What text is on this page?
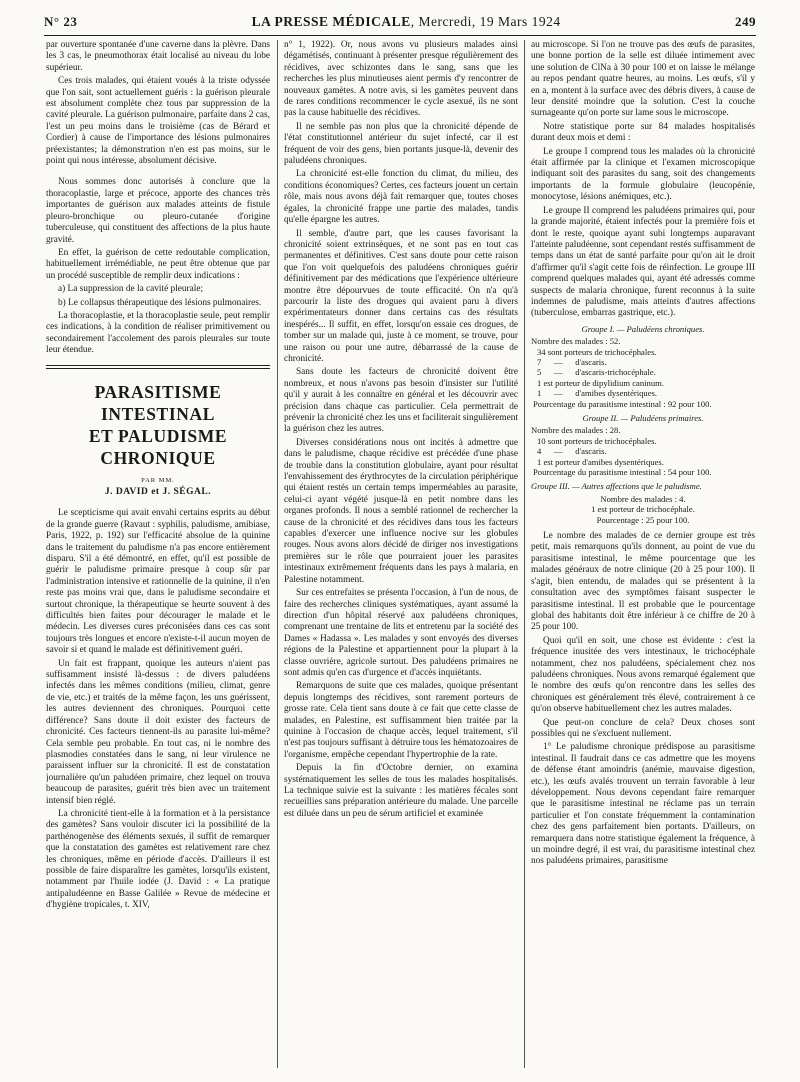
N° 23	LA PRESSE MÉDICALE, Mercredi, 19 Mars 1924	249

par ouverture spontanée d'une caverne dans la plèvre. Dans les 3 cas, le pneumothorax était localisé au niveau du lobe supérieur.

Ces trois malades, qui étaient voués à la triste odyssée que l'on sait, sont actuellement guéris : la guérison pleurale est absolument complète chez tous par suppression de la cavité pleurale. La guérison pulmonaire, parfaite dans 2 cas, l'est un peu moins dans le troisième (cas de Bérard et Cordier) à cause de l'importance des lésions pulmonaires préexistantes; la démonstration n'en est pas moins, sur le point qui nous intéresse, absolument décisive.

Nous sommes donc autorisés à conclure que la thoracoplastie, large et précoce, apporte des chances très importantes de guérison aux malades atteints de fistule pleuro-bronchique ou pleuro-cutanée d'origine tuberculeuse, qui constituent des affections de la plus haute gravité.

En effet, la guérison de cette redoutable complication, habituellement irrémédiable, ne peut être obtenue que par un procédé susceptible de remplir deux indications :

a) La suppression de la cavité pleurale;

b) Le collapsus thérapeutique des lésions pulmonaires.

La thoracoplastie, et la thoracoplastie seule, peut remplir ces indications, à la condition de réaliser primitivement ou secondairement l'accolement des parois pleurales sur toute leur étendue.

PARASITISME INTESTINAL
ET PALUDISME CHRONIQUE
PAR MM.
J. DAVID et J. SÉGAL.

Le scepticisme qui avait envahi certains esprits au début de la grande guerre (Ravaut : syphilis, paludisme, amibiase, Paris, 1922, p. 192) sur l'efficacité absolue de la quinine dans le traitement du paludisme n'a pas encore entièrement disparu. S'il a été démontré, en effet, qu'il est possible de guérir le paludisme primaire presque à coup sûr par l'administration intensive et rationnelle de la quinine, il n'en reste pas moins vrai que, dans le paludisme secondaire et surtout chronique, la thérapeutique se heurte souvent à des difficultés bien faites pour décourager le malade et le médecin. Les diverses cures préconisées dans ces cas sont toujours très longues et encore n'existe-t-il aucun moyen de savoir si et quand le malade est définitivement guéri.

Un fait est frappant, quoique les auteurs n'aient pas suffisamment insisté là-dessus : de divers paludéens infectés dans les mêmes conditions (milieu, climat, genre de vie, etc.) et traités de la même façon, les uns guérissent, les autres deviennent des chroniques. Pourquoi cette différence? Sans doute il doit exister des facteurs de chronicité. Ces facteurs tiennent-ils au parasite lui-même? Cela semble peu probable. En tout cas, ni le nombre des plasmodies constatées dans le sang, ni leur virulence ne paraissent influer sur la chronicité. Il est de constatation journalière qu'un paludéen primaire, chez lequel on trouva beaucoup de parasites, guérit très bien avec un traitement intensif bien réglé.

La chronicité tient-elle à la formation et à la persistance des gamètes? Sans vouloir discuter ici la possibilité de la parthénogenèse des éléments sexués, il suffit de remarquer que la constatation des gamètes est relativement rare chez les chroniques, même en période d'accès. D'ailleurs il est possible de faire disparaître les gamètes, lorsqu'ils existent, notamment par l'huile iodée (J. David : « La pratique antipaludéenne en Basse Galilée » Revue de médecine et d'hygiène tropicales, t. XIV,

n° 1, 1922). Or, nous avons vu plusieurs malades ainsi dégamétisés, continuant à présenter presque régulièrement des récidives, avec schizontes dans le sang, sans que les recherches les plus minutieuses aient permis d'y rencontrer de nouveaux gamètes. A notre avis, si les gamètes peuvent dans de rares conditions recommencer le cycle asexué, ils ne sont pas la cause habituelle des récidives.

Il ne semble pas non plus que la chronicité dépende de l'état constitutionnel antérieur du sujet infecté, car il est fréquent de voir des gens, bien portants jusque-là, devenir des paludéens chroniques.

La chronicité est-elle fonction du climat, du milieu, des conditions économiques? Certes, ces facteurs jouent un certain rôle, mais nous avons déjà fait remarquer que, toutes choses égales, la chronicité frappe une partie des malades, tandis qu'elle épargne les autres.

Il semble, d'autre part, que les causes favorisant la chronicité soient extrinsèques, et ne sont pas en tout cas permanentes et définitives. C'est sans doute pour cette raison que l'on voit quelquefois des paludéens chroniques guérir définitivement par des médications que l'expérience ultérieure montre être dépourvues de toute efficacité. On n'a qu'à parcourir la liste des drogues qui avaient paru à divers expérimentateurs donner dans certains cas des résultats inespérés... Il suffit, en effet, lorsqu'on essaie ces drogues, de tomber sur un malade qui, juste à ce moment, se trouve, pour une raison ou pour une autre, débarrassé de la cause de chronicité.

Sans doute les facteurs de chronicité doivent être nombreux, et nous n'avons pas besoin d'insister sur l'utilité qu'il y aurait à les connaître en général et les découvrir avec précision dans chaque cas particulier. Cela permettrait de prévenir la chronicité chez les uns et faciliterait singulièrement la guérison chez les autres.

Diverses considérations nous ont incités à admettre que dans le paludisme, chaque récidive est précédée d'une phase de trouble dans la constitution globulaire, ayant pour résultat l'envahissement des érythrocytes de la circulation périphérique qui étaient restés un certain temps imperméables au parasite, celui-ci ayant végété jusque-là en petit nombre dans les organes profonds. Il nous a semblé rationnel de rechercher la cause de la chronicité et des récidives dans tous les facteurs capables d'exercer une influence nocive sur les globules rouges. Nous avons alors décidé de diriger nos investigations premières sur le rôle que pourraient jouer les parasites intestinaux extrêmement fréquents dans les pays à malaria, en Palestine notamment.

Sur ces entrefaites se présenta l'occasion, à l'un de nous, de faire des recherches cliniques systématiques, ayant assumé la direction d'un hôpital réservé aux paludéens chroniques, comprenant une trentaine de lits et entretenu par la société des Dames « Hadassa ». Les malades y sont envoyés des diverses régions de la Palestine et appartiennent pour la plupart à la classe ouvrière, agricole surtout. Des paludéens primaires ne sont admis qu'en cas d'urgence et d'accès inquiétants.

Remarquons de suite que ces malades, quoique présentant depuis longtemps des récidives, sont rarement porteurs de grosse rate. Cela tient sans doute à ce fait que cette classe de malades, en Palestine, est suffisamment bien traitée par la quinine à l'occasion de chaque accès, lequel traitement, s'il n'est pas toujours suffisant à détruire tous les hématozoaires de l'organisme, empêche cependant l'hypertrophie de la rate.

Depuis la fin d'Octobre dernier, on examina systématiquement les selles de tous les malades hospitalisés. La technique suivie est la suivante : les matières fécales sont recueillies sans préparation antérieure du malade. Une parcelle est diluée dans un peu de sérum artificiel et examinée

au microscope. Si l'on ne trouve pas des œufs de parasites, une bonne portion de la selle est diluée intimement avec une solution de ClNa à 30 pour 100 et on laisse le mélange au repos pendant quatre heures, au moins. Les œufs, s'il y en a, montent à la surface avec des débris divers, à cause de leur densité moindre que la solution. C'est la couche surnageante qu'on porte sur lame sous le microscope.

Notre statistique porte sur 84 malades hospitalisés durant deux mois et demi :

Le groupe I comprend tous les malades où la chronicité était affirmée par la clinique et l'examen microscopique indiquant soit des parasites du sang, soit des changements importants de la formule globulaire (leucopénie, monocytose, lésions anémiques, etc.).

Le groupe II comprend les paludéens primaires qui, pour la grande majorité, étaient infectés pour la première fois et dont le reste, quoique ayant subi longtemps auparavant l'atteinte paludéenne, sont cependant restés suffisamment de temps dans un état de santé parfaite pour qu'on ait le droit d'affirmer qu'il s'agit cette fois de réinfection. Le groupe III comprend quelques malades qui, ayant été adressés comme suspects de malaria chronique, furent reconnus à la suite indemnes de paludisme, mais atteints d'autres affections (tuberculose, embarras gastrique, etc.).

Groupe I. — Paludéens chroniques.
Nombre des malades : 52.
34 sont porteurs de trichocéphales.
7 — d'ascaris.
5 — d'ascaris-trichocéphale.
1 est porteur de dipylidium caninum.
1 — d'amibes dysentériques.
Pourcentage du parasitisme intestinal : 92 pour 100.
Groupe II. — Paludéens primaires.
Nombre des malades : 28.
10 sont porteurs de trichocéphales.
4 — d'ascaris.
1 est porteur d'amibes dysentériques.
Pourcentage du parasitisme intestinal : 54 pour 100.
Groupe III. — Autres affections que le paludisme.
Nombre des malades : 4.
1 est porteur de trichocéphale.
Pourcentage : 25 pour 100.

Le nombre des malades de ce dernier groupe est très petit, mais remarquons qu'ils donnent, au point de vue du parasitisme intestinal, le même pourcentage que les malades généraux de notre clinique (20 à 25 pour 100). Il s'agit, bien entendu, de malades qui se présentent à la consultation avec des symptômes faisant suspecter le parasitisme intestinal. Il est probable que le pourcentage global des habitants doit être inférieur à ce chiffre de 20 à 25 pour 100.

Quoi qu'il en soit, une chose est évidente : c'est la fréquence inusitée des vers intestinaux, le trichocéphale notamment, chez nos paludéens, spécialement chez nos paludéens chroniques. Nous avons remarqué également que le nombre des œufs qu'on rencontre dans les selles des chroniques est généralement très élevé, contrairement à ce qu'on observe habituellement chez les autres malades.

Que peut-on conclure de cela? Deux choses sont possibles qui ne s'excluent nullement.

1° Le paludisme chronique prédispose au parasitisme intestinal. Il faudrait dans ce cas admettre que les moyens de défense étant amoindris (anémie, mauvaise digestion, etc.), les œufs avalés trouvent un terrain favorable à leur développement. Nous devons cependant faire remarquer que le parasitisme intestinal ne réclame pas un terrain particulier et l'on constate fréquemment la contamination chez des gens parfaitement bien portants. D'ailleurs, on remarquera dans notre statistique également la fréquence, à un moindre degré, il est vrai, du parasitisme intestinal chez nos paludéens primaires, parasitisme
